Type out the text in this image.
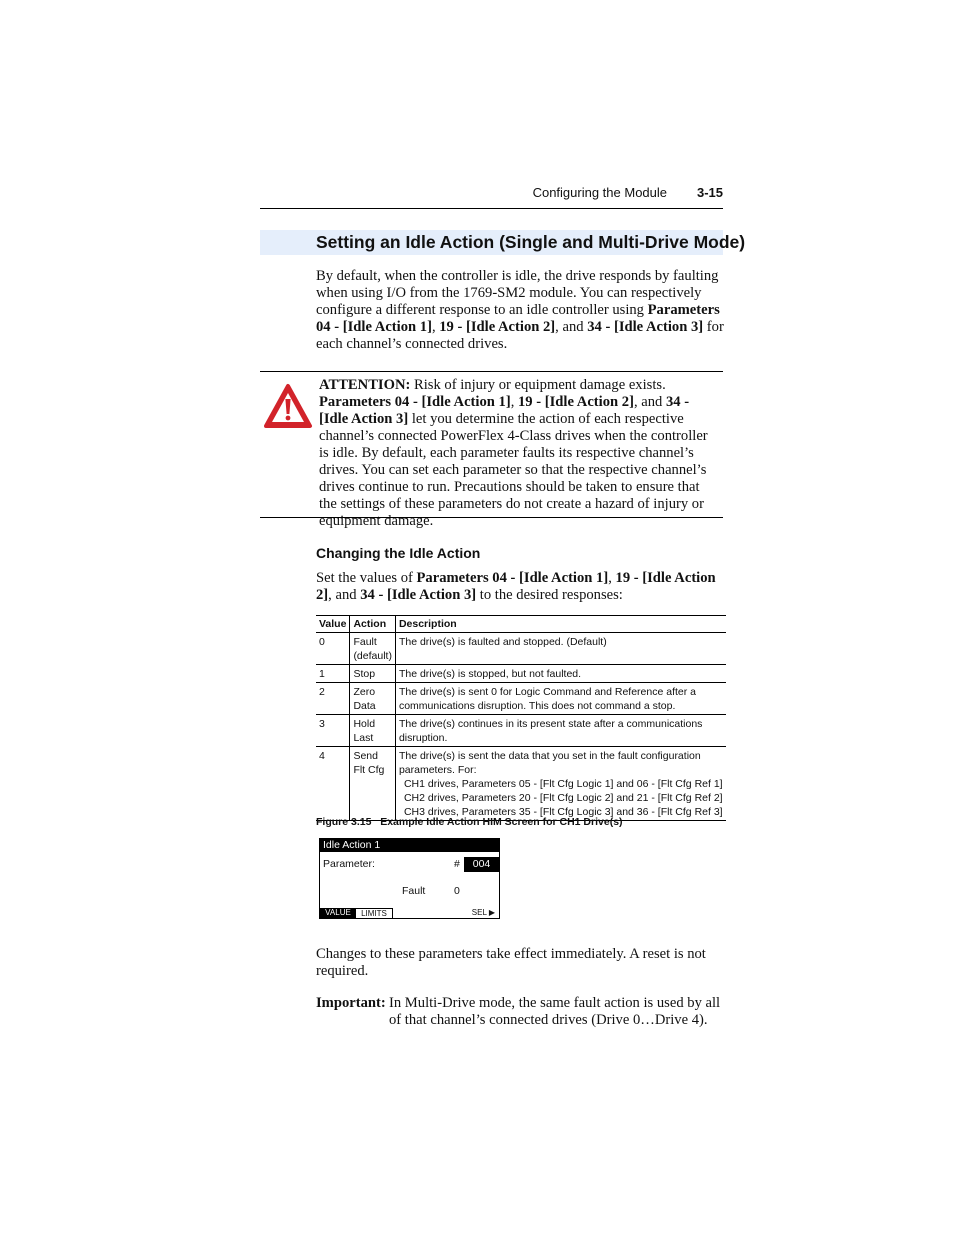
Configuring the Module 3-15
Setting an Idle Action (Single and Multi-Drive Mode)

By default, when the controller is idle, the drive responds by faulting when using I/O from the 1769-SM2 module. You can respectively configure a different response to an idle controller using Parameters 04 - [Idle Action 1], 19 - [Idle Action 2], and 34 - [Idle Action 3] for each channel’s connected drives.

ATTENTION: Risk of injury or equipment damage exists. Parameters 04 - [Idle Action 1], 19 - [Idle Action 2], and 34 - [Idle Action 3] let you determine the action of each respective channel’s connected PowerFlex 4-Class drives when the controller is idle. By default, each parameter faults its respective channel’s drives. You can set each parameter so that the respective channel’s drives continue to run. Precautions should be taken to ensure that the settings of these parameters do not create a hazard of injury or equipment damage.

Changing the Idle Action

Set the values of Parameters 04 - [Idle Action 1], 19 - [Idle Action 2], and 34 - [Idle Action 3] to the desired responses:

Value	Action	Description
0	Fault (default)	The drive(s) is faulted and stopped. (Default)
1	Stop	The drive(s) is stopped, but not faulted.
2	Zero Data	The drive(s) is sent 0 for Logic Command and Reference after a communications disruption. This does not command a stop.
3	Hold Last	The drive(s) continues in its present state after a communications disruption.
4	Send Flt Cfg	The drive(s) is sent the data that you set in the fault configuration parameters. For:
CH1 drives, Parameters 05 - [Flt Cfg Logic 1] and 06 - [Flt Cfg Ref 1]
CH2 drives, Parameters 20 - [Flt Cfg Logic 2] and 21 - [Flt Cfg Ref 2]
CH3 drives, Parameters 35 - [Flt Cfg Logic 3] and 36 - [Flt Cfg Ref 3]
Figure 3.15   Example Idle Action HIM Screen for CH1 Drive(s)
Idle Action 1
Parameter:	#	004
Fault	0
VALUE	LIMITS	SEL ▶

Changes to these parameters take effect immediately. A reset is not required.

Important: In Multi-Drive mode, the same fault action is used by all of that channel’s connected drives (Drive 0…Drive 4).
